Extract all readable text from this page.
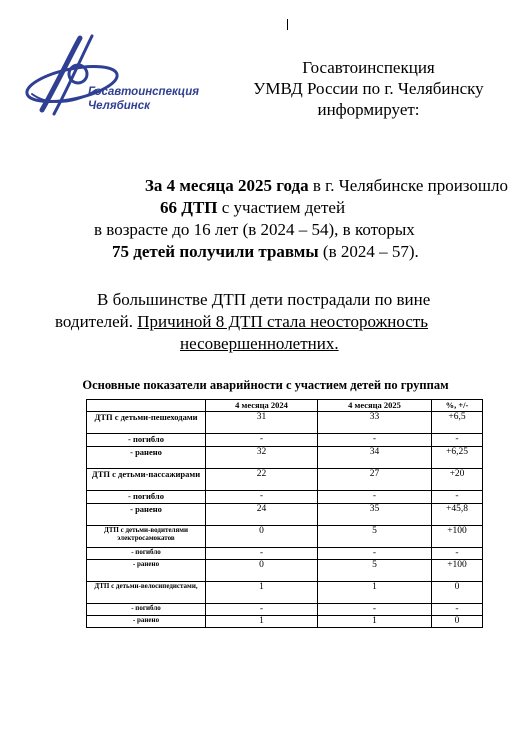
Госавтоинспекция
Челябинск
Госавтоинспекция
УМВД России по г. Челябинску
информирует:
За 4 месяца 2025 года в г. Челябинске произошло
66 ДТП с участием детей
в возрасте до 16 лет (в 2024 – 54), в которых
75 детей получили травмы (в 2024 – 57).
В большинстве ДТП дети пострадали по вине
водителей. Причиной 8 ДТП стала неосторожность
несовершеннолетних.
Основные показатели аварийности с участием детей по группам
	4 месяца 2024	4 месяца 2025	%, +/-
ДТП с детьми-пешеходами	31	33	+6,5
- погибло	-	-	-
- ранено	32	34	+6,25
ДТП с детьми-пассажирами	22	27	+20
- погибло	-	-	-
- ранено	24	35	+45,8
ДТП с детьми-водителями электросамокатов	0	5	+100
- погибло	-	-	-
- ранено	0	5	+100
ДТП с детьми-велосипедистами,	1	1	0
- погибло	-	-	-
- ранено	1	1	0
